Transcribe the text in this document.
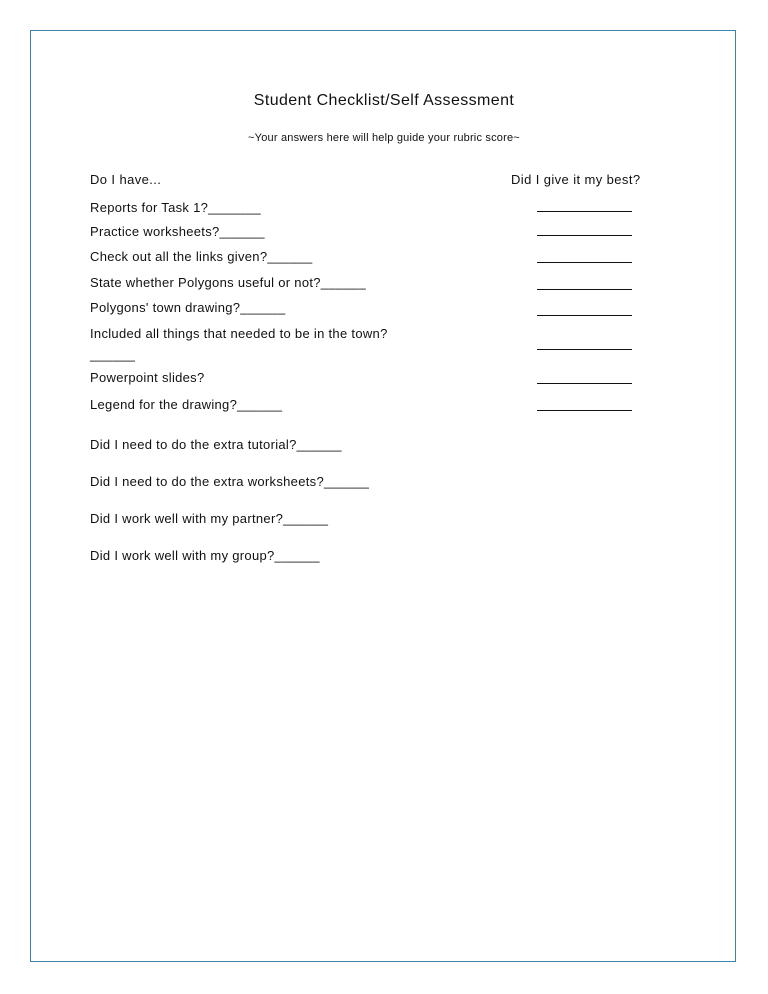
Student Checklist/Self Assessment
~Your answers here will help guide your rubric score~
Do I have...	Did I give it my best?
Reports for Task 1?_______
Practice worksheets?______
Check out all the links given?______
State whether Polygons useful or not?______
Polygons' town drawing?______
Included all things that needed to be in the town?
______
Powerpoint slides?
Legend for the drawing?______
Did I need to do the extra tutorial?______
Did I need to do the extra worksheets?______
Did I work well with my partner?______
Did I work well with my group?______
